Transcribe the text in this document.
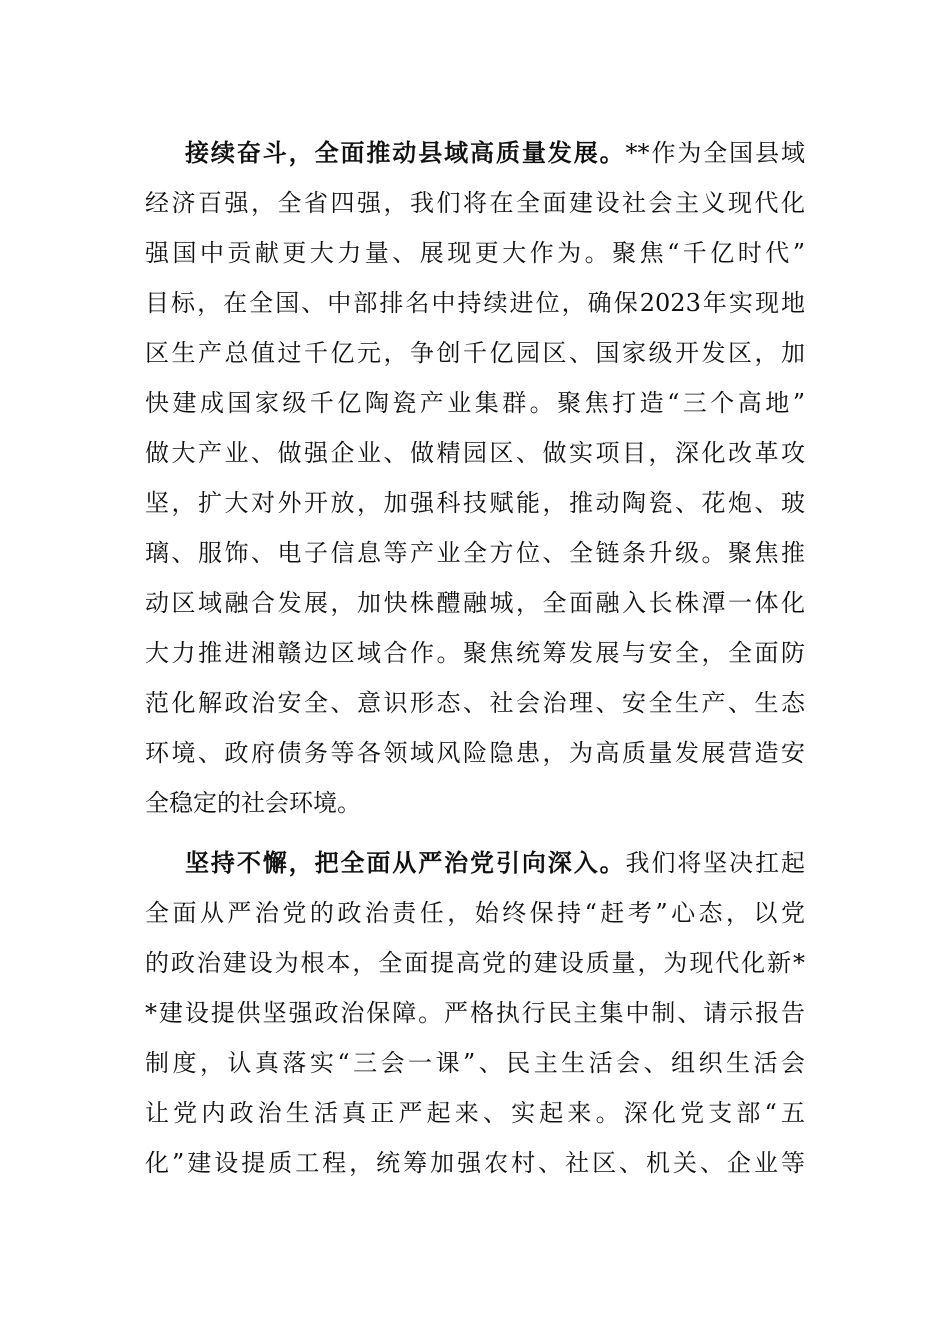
接续奋斗，全面推动县域高质量发展。**作为全国县域
经济百强，全省四强，我们将在全面建设社会主义现代化
强国中贡献更大力量、展现更大作为。聚焦“千亿时代”
目标，在全国、中部排名中持续进位，确保2023年实现地
区生产总值过千亿元，争创千亿园区、国家级开发区，加
快建成国家级千亿陶瓷产业集群。聚焦打造“三个高地”
做大产业、做强企业、做精园区、做实项目，深化改革攻
坚，扩大对外开放，加强科技赋能，推动陶瓷、花炮、玻
璃、服饰、电子信息等产业全方位、全链条升级。聚焦推
动区域融合发展，加快株醴融城，全面融入长株潭一体化
大力推进湘赣边区域合作。聚焦统筹发展与安全，全面防
范化解政治安全、意识形态、社会治理、安全生产、生态
环境、政府债务等各领域风险隐患，为高质量发展营造安
全稳定的社会环境。
坚持不懈，把全面从严治党引向深入。我们将坚决扛起
全面从严治党的政治责任，始终保持“赶考”心态，以党
的政治建设为根本，全面提高党的建设质量，为现代化新*
*建设提供坚强政治保障。严格执行民主集中制、请示报告
制度，认真落实“三会一课”、民主生活会、组织生活会
让党内政治生活真正严起来、实起来。深化党支部“五
化”建设提质工程，统筹加强农村、社区、机关、企业等
